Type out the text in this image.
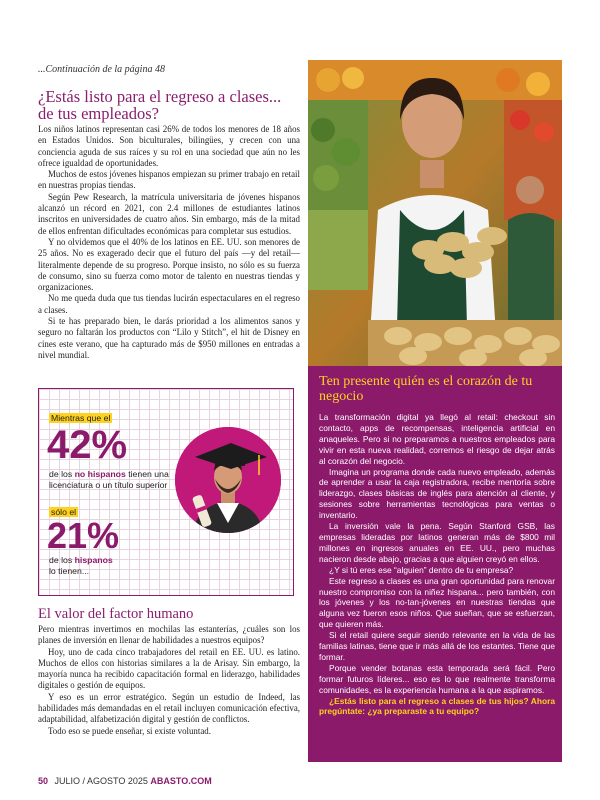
...Continuación de la página 48
¿Estás listo para el regreso a clases... de tus empleados?

Los niños latinos representan casi 26% de todos los menores de 18 años en Estados Unidos. Son biculturales, bilingües, y crecen con una conciencia aguda de sus raíces y su rol en una sociedad que aún no les ofrece igualdad de oportunidades.

Muchos de estos jóvenes hispanos empiezan su primer trabajo en retail en nuestras propias tiendas.

Según Pew Research, la matrícula universitaria de jóvenes hispanos alcanzó un récord en 2021, con 2.4 millones de estudiantes latinos inscritos en universidades de cuatro años. Sin embargo, más de la mitad de ellos enfrentan dificultades económicas para completar sus estudios.

Y no olvidemos que el 40% de los latinos en EE. UU. son menores de 25 años. No es exagerado decir que el futuro del país —y del retail— literalmente depende de su progreso. Porque insisto, no sólo es su fuerza de consumo, sino su fuerza como motor de talento en nuestras tiendas y organizaciones.

No me queda duda que tus tiendas lucirán espectaculares en el regreso a clases.

Si te has preparado bien, le darás prioridad a los alimentos sanos y seguro no faltarán los productos con “Lilo y Stitch”, el hit de Disney en cines este verano, que ha capturado más de $950 millones en entradas a nivel mundial.

Mientras que el
42%
de los no hispanos tienen una licenciatura o un título superior
sólo el
21%
de los hispanos
lo tienen...
El valor del factor humano

Pero mientras invertimos en mochilas las estanterías, ¿cuáles son los planes de inversión en llenar de habilidades a nuestros equipos?

Hoy, uno de cada cinco trabajadores del retail en EE. UU. es latino. Muchos de ellos con historias similares a la de Arisay. Sin embargo, la mayoría nunca ha recibido capacitación formal en liderazgo, habilidades digitales o gestión de equipos.

Y eso es un error estratégico. Según un estudio de Indeed, las habilidades más demandadas en el retail incluyen comunicación efectiva, adaptabilidad, alfabetización digital y gestión de conflictos.

Todo eso se puede enseñar, si existe voluntad.

Ten presente quién es el corazón de tu negocio

La transformación digital ya llegó al retail: checkout sin contacto, apps de recompensas, inteligencia artificial en anaqueles. Pero si no preparamos a nuestros empleados para vivir en esta nueva realidad, corremos el riesgo de dejar atrás al corazón del negocio.

Imagina un programa donde cada nuevo empleado, además de aprender a usar la caja registradora, recibe mentoría sobre liderazgo, clases básicas de inglés para atención al cliente, y sesiones sobre herramientas tecnológicas para ventas o inventario.

La inversión vale la pena. Según Stanford GSB, las empresas lideradas por latinos generan más de $800 mil millones en ingresos anuales en EE. UU., pero muchas nacieron desde abajo, gracias a que alguien creyó en ellos.

¿Y si tú eres ese “alguien” dentro de tu empresa?

Este regreso a clases es una gran oportunidad para renovar nuestro compromiso con la niñez hispana... pero también, con los jóvenes y los no-tan-jóvenes en nuestras tiendas que alguna vez fueron esos niños. Que sueñan, que se esfuerzan, que quieren más.

Si el retail quiere seguir siendo relevante en la vida de las familias latinas, tiene que ir más allá de los estantes. Tiene que formar.

Porque vender botanas esta temporada será fácil. Pero formar futuros líderes... eso es lo que realmente transforma comunidades, es la experiencia humana a la que aspiramos.

¿Estás listo para el regreso a clases de tus hijos? Ahora pregúntate: ¿ya preparaste a tu equipo?

50 JULIO / AGOSTO 2025 ABASTO.COM
